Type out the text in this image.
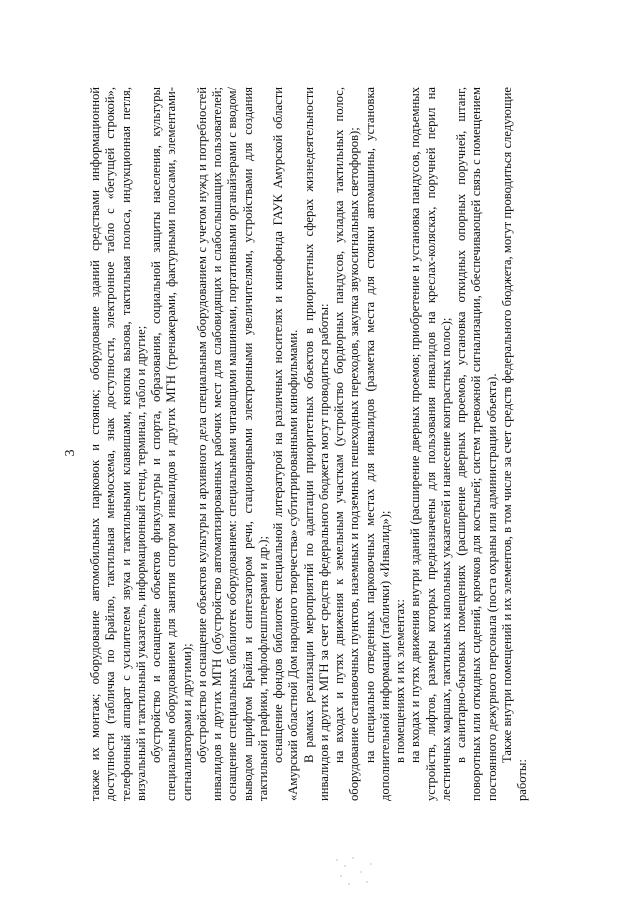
3 также их монтаж; оборудование автомобильных парковок и стоянок; оборудование зданий средствами информационной доступности (табличка по Брайлю, тактильная мнемосхема, знак доступности, электронное табло с «бегущей строкой», телефонный аппарат с усилителем звука и тактильными клавишами, кнопка вызова, тактильная полоса, индукционная петля, визуальный и тактильный указатель, информационный стенд, терминал, табло и другие; обустройство и оснащение объектов физкультуры и спорта, образования, социальной защиты населения, культуры специальным оборудованием для занятия спортом инвалидов и других МГН (тренажерами, фактурными полосами, элементами-сигнализаторами и другими); обустройство и оснащение объектов культуры и архивного дела специальным оборудованием с учетом нужд и потребностей инвалидов и других МГН (обустройство автоматизированных рабочих мест для слабовидящих и слабослышащих пользователей; оснащение специальных библиотек оборудованием: специальными читающими машинами, портативными органайзерами с вводом/выводом шрифтом Брайля и синтезатором речи, стационарными электронными увеличителями, устройствами для создания тактильной графики, тифлофлешплеерами и др.); оснащение фондов библиотек специальной литературой на различных носителях и кинофонда ГАУК Амурской области «Амурский областной Дом народного творчества» субтитрированными кинофильмами. В рамках реализации мероприятий по адаптации приоритетных объектов в приоритетных сферах жизнедеятельности инвалидов и других МГН за счет средств федерального бюджета могут проводиться работы: на входах и путях движения к земельным участкам (устройство бордюрных пандусов, укладка тактильных полос, оборудование остановочных пунктов, наземных и подземных пешеходных переходов, закупка звукосигнальных светофоров); на специально отведенных парковочных местах для инвалидов (разметка места для стоянки автомашины, установка дополнительной информации (таблички) «Инвалид»); в помещениях и их элементах: на входах и путях движения внутри зданий (расширение дверных проемов; приобретение и установка пандусов, подъемных устройств, лифтов, размеры которых предназначены для пользования инвалидов на креслах-колясках, поручней перил на лестничных маршах, тактильных напольных указателей и нанесение контрастных полос); в санитарно-бытовых помещениях (расширение дверных проемов, установка откидных опорных поручней, штанг, поворотных или откидных сидений, крючков для костылей; систем тревожной сигнализации, обеспечивающей связь с помещением постоянного дежурного персонала (поста охраны или администрации объекта). Также внутри помещений и их элементов, в том числе за счет средств федерального бюджета, могут проводиться следующие работы:
